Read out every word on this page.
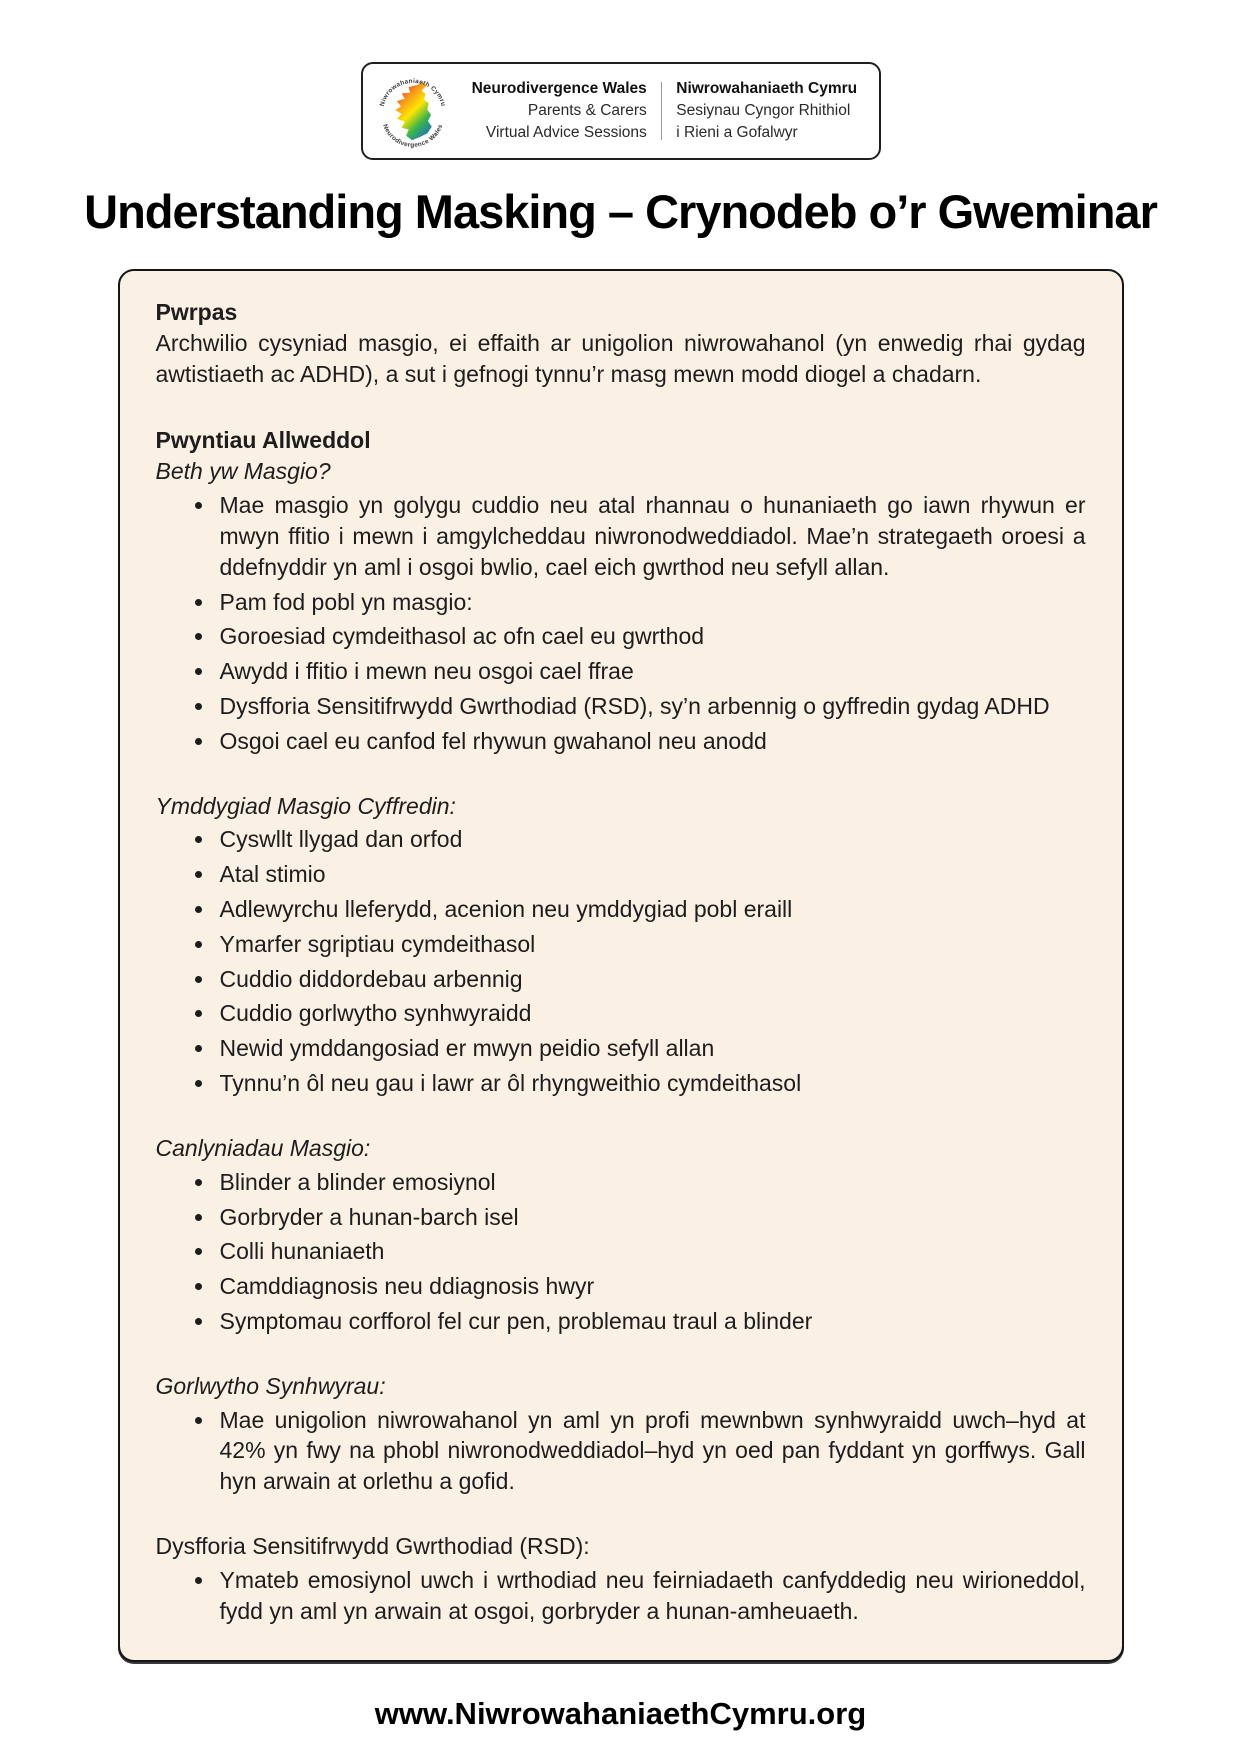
Niwrowahaniaeth Cymru
Neurodivergence Wales
Neurodivergence Wales
Parents & Carers
Virtual Advice Sessions
Niwrowahaniaeth Cymru
Sesiynau Cyngor Rhithiol
i Rieni a Gofalwyr
Understanding Masking – Crynodeb o’r Gweminar
Pwrpas
Archwilio cysyniad masgio, ei effaith ar unigolion niwrowahanol (yn enwedig rhai gydag awtistiaeth ac ADHD), a sut i gefnogi tynnu’r masg mewn modd diogel a chadarn.
Pwyntiau Allweddol
Beth yw Masgio?
• Mae masgio yn golygu cuddio neu atal rhannau o hunaniaeth go iawn rhywun er mwyn ffitio i mewn i amgylcheddau niwronodweddiadol. Mae’n strategaeth oroesi a ddefnyddir yn aml i osgoi bwlio, cael eich gwrthod neu sefyll allan.
• Pam fod pobl yn masgio:
• Goroesiad cymdeithasol ac ofn cael eu gwrthod
• Awydd i ffitio i mewn neu osgoi cael ffrae
• Dysfforia Sensitifrwydd Gwrthodiad (RSD), sy’n arbennig o gyffredin gydag ADHD
• Osgoi cael eu canfod fel rhywun gwahanol neu anodd
Ymddygiad Masgio Cyffredin:
• Cyswllt llygad dan orfod
• Atal stimio
• Adlewyrchu lleferydd, acenion neu ymddygiad pobl eraill
• Ymarfer sgriptiau cymdeithasol
• Cuddio diddordebau arbennig
• Cuddio gorlwytho synhwyraidd
• Newid ymddangosiad er mwyn peidio sefyll allan
• Tynnu’n ôl neu gau i lawr ar ôl rhyngweithio cymdeithasol
Canlyniadau Masgio:
• Blinder a blinder emosiynol
• Gorbryder a hunan-barch isel
• Colli hunaniaeth
• Camddiagnosis neu ddiagnosis hwyr
• Symptomau corfforol fel cur pen, problemau traul a blinder
Gorlwytho Synhwyrau:
• Mae unigolion niwrowahanol yn aml yn profi mewnbwn synhwyraidd uwch–hyd at 42% yn fwy na phobl niwronodweddiadol–hyd yn oed pan fyddant yn gorffwys. Gall hyn arwain at orlethu a gofid.
Dysfforia Sensitifrwydd Gwrthodiad (RSD):
• Ymateb emosiynol uwch i wrthodiad neu feirniadaeth canfyddedig neu wirioneddol, fydd yn aml yn arwain at osgoi, gorbryder a hunan-amheuaeth.
www.NiwrowahaniaethCymru.org
